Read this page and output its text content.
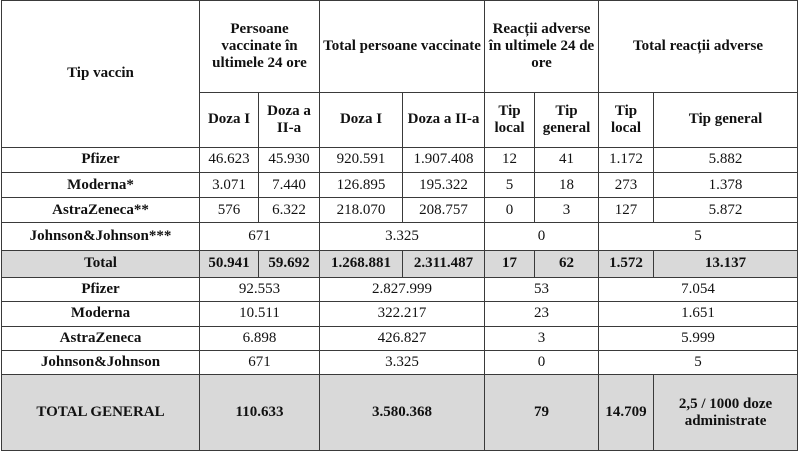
Tip vaccin	Persoane vaccinate în ultimele 24 ore		Total persoane vaccinate		Reacții adverse în ultimele 24 de ore		Total reacții adverse	
	Doza I	Doza a II-a	Doza I	Doza a II-a	Tip local	Tip general	Tip local	Tip general
Pfizer	46.623	45.930	920.591	1.907.408	12	41	1.172	5.882
Moderna*	3.071	7.440	126.895	195.322	5	18	273	1.378
AstraZeneca**	576	6.322	218.070	208.757	0	3	127	5.872
Johnson&Johnson***	671		3.325		0		5	
Total	50.941	59.692	1.268.881	2.311.487	17	62	1.572	13.137
Pfizer	92.553		2.827.999		53		7.054	
Moderna	10.511		322.217		23		1.651	
AstraZeneca	6.898		426.827		3		5.999	
Johnson&Johnson	671		3.325		0		5	
TOTAL GENERAL	110.633		3.580.368		79		14.709	2,5 / 1000 doze administrate
